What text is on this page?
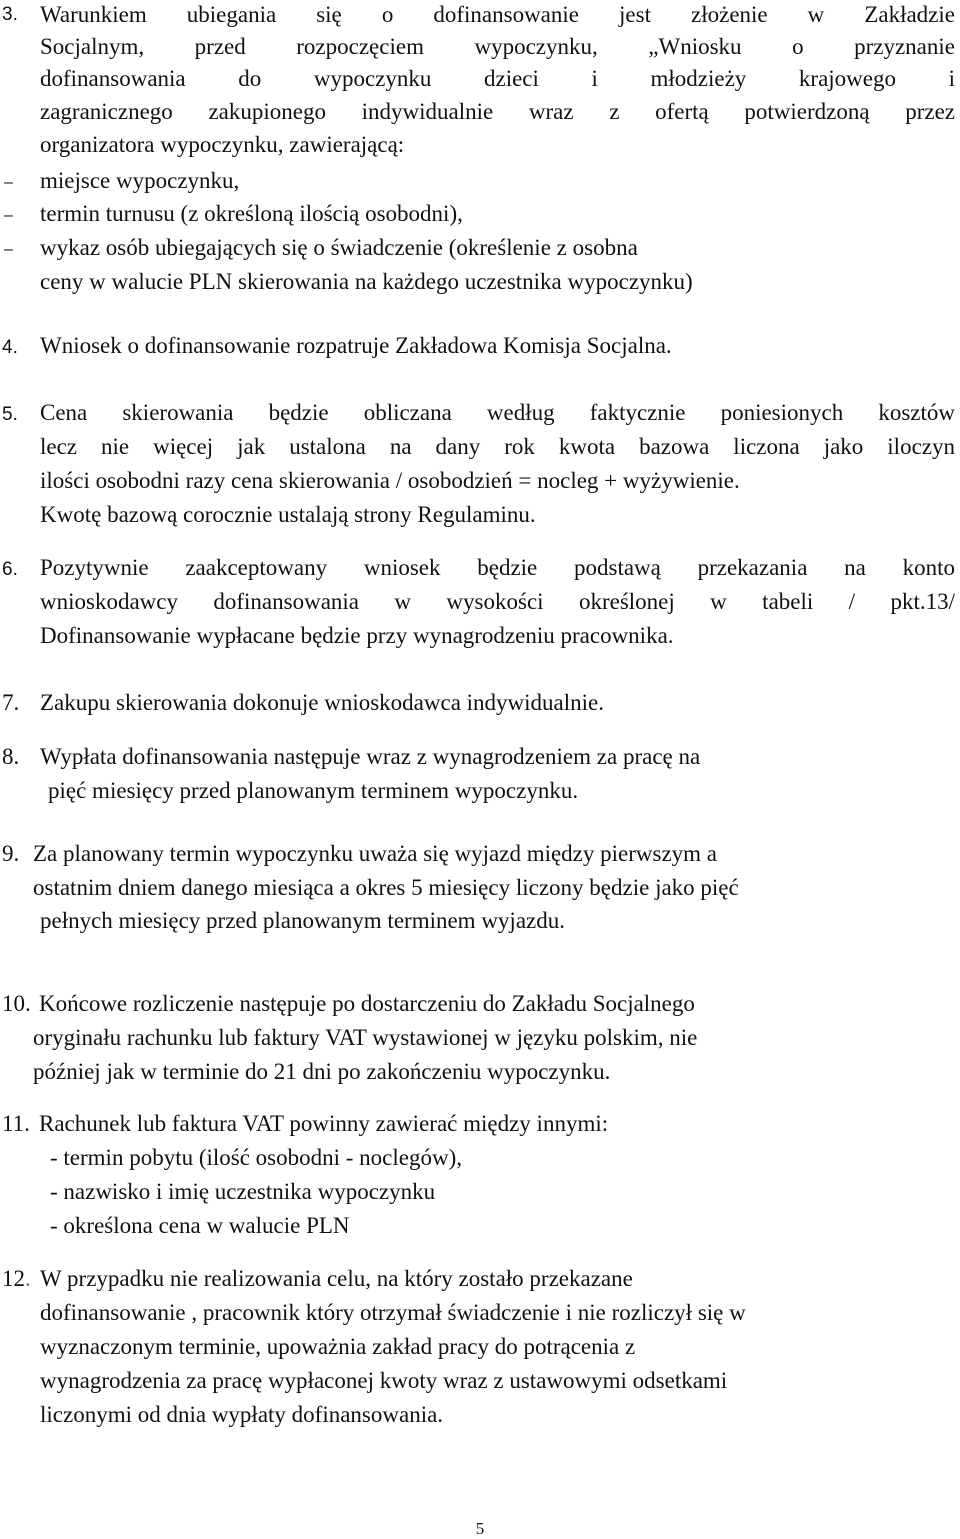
3. Warunkiem ubiegania się o dofinansowanie jest złożenie w Zakładzie
Socjalnym, przed rozpoczęciem wypoczynku, „Wniosku o przyznanie
dofinansowania do wypoczynku dzieci i młodzieży krajowego i
zagranicznego zakupionego indywidualnie wraz z ofertą potwierdzoną przez
organizatora wypoczynku, zawierającą:
– miejsce wypoczynku,
– termin turnusu (z określoną ilością osobodni),
– wykaz osób ubiegających się o świadczenie (określenie z osobna
ceny w walucie PLN skierowania na każdego uczestnika wypoczynku)
4. Wniosek o dofinansowanie rozpatruje Zakładowa Komisja Socjalna.
5. Cena skierowania będzie obliczana według faktycznie poniesionych kosztów
lecz nie więcej jak ustalona na dany rok kwota bazowa liczona jako iloczyn
ilości osobodni razy cena skierowania / osobodzień = nocleg + wyżywienie.
Kwotę bazową corocznie ustalają strony Regulaminu.
6. Pozytywnie zaakceptowany wniosek będzie podstawą przekazania na konto
wnioskodawcy dofinansowania w wysokości określonej w tabeli / pkt.13/
Dofinansowanie wypłacane będzie przy wynagrodzeniu pracownika.
7. Zakupu skierowania dokonuje wnioskodawca indywidualnie.
8. Wypłata dofinansowania następuje wraz z wynagrodzeniem za pracę na
pięć miesięcy przed planowanym terminem wypoczynku.
9. Za planowany termin wypoczynku uważa się wyjazd między pierwszym a
ostatnim dniem danego miesiąca a okres 5 miesięcy liczony będzie jako pięć
pełnych miesięcy przed planowanym terminem wyjazdu.
10. Końcowe rozliczenie następuje po dostarczeniu do Zakładu Socjalnego
oryginału rachunku lub faktury VAT wystawionej w języku polskim, nie
później jak w terminie do 21 dni po zakończeniu wypoczynku.
11. Rachunek lub faktura VAT powinny zawierać między innymi:
- termin pobytu (ilość osobodni - noclegów),
- nazwisko i imię uczestnika wypoczynku
- określona cena w walucie PLN
12. W przypadku nie realizowania celu, na który zostało przekazane
dofinansowanie , pracownik który otrzymał świadczenie i nie rozliczył się w
wyznaczonym terminie, upoważnia zakład pracy do potrącenia z
wynagrodzenia za pracę wypłaconej kwoty wraz z ustawowymi odsetkami
liczonymi od dnia wypłaty dofinansowania.
5
